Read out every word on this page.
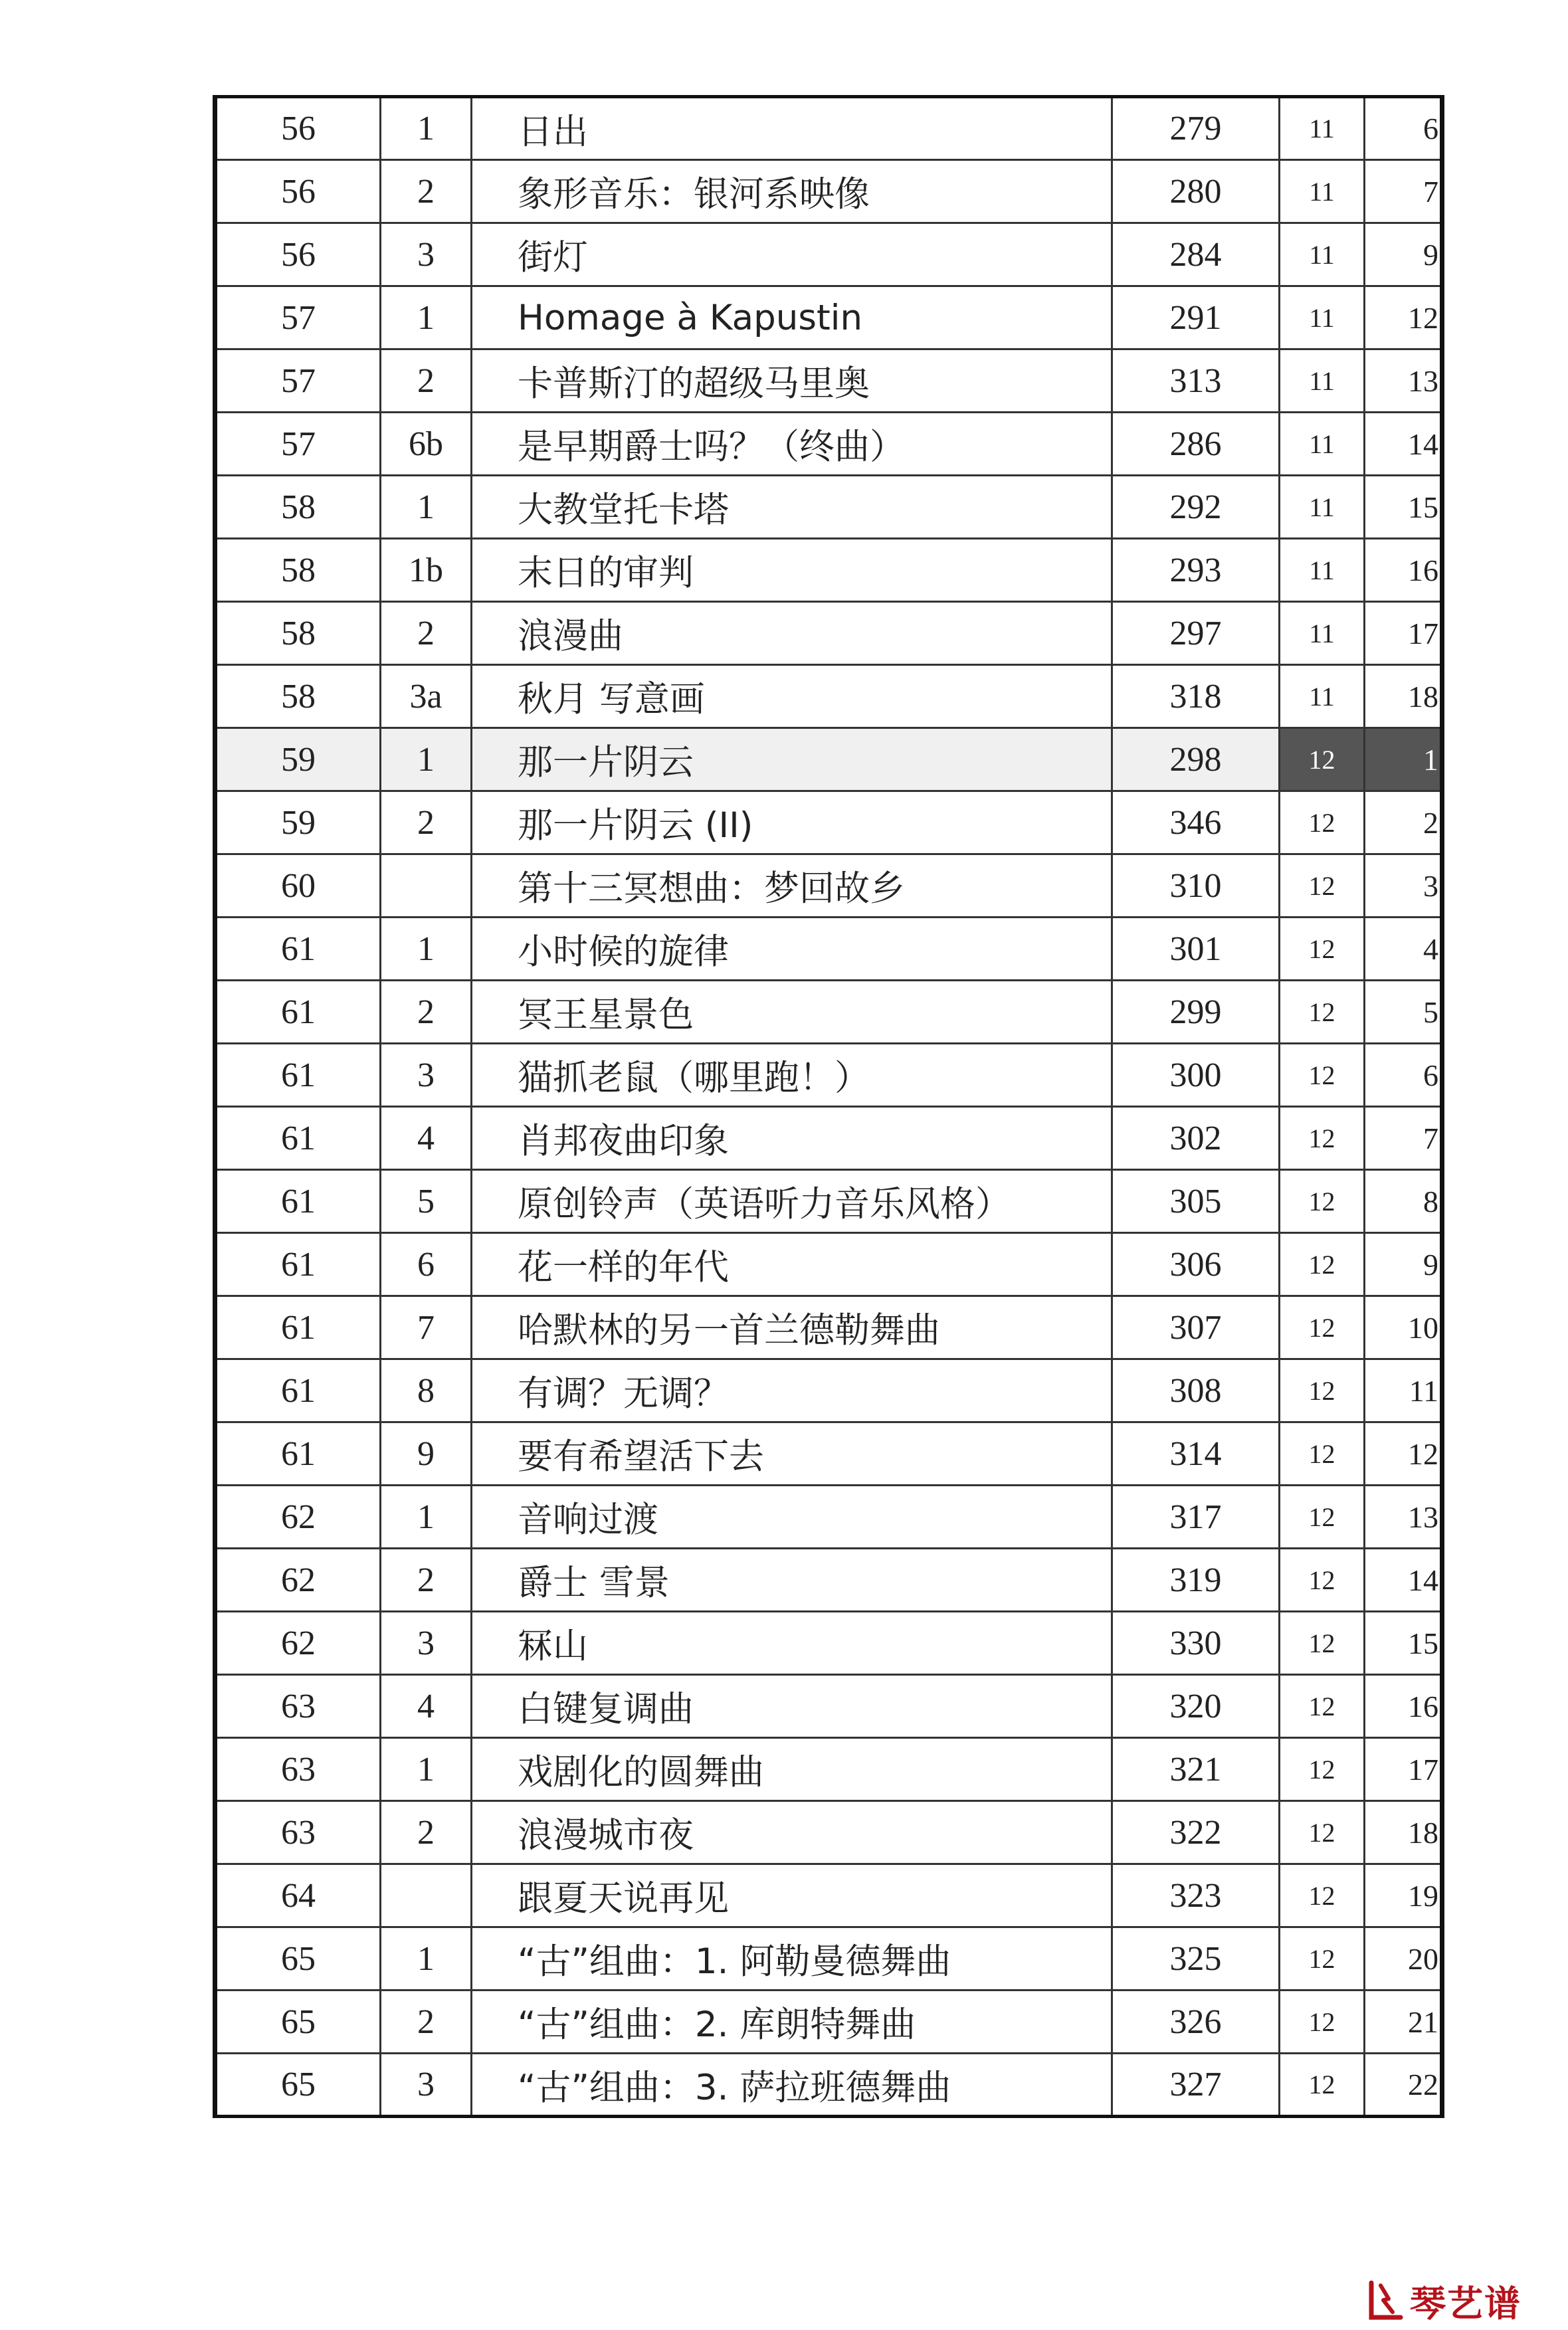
56	1	日出	279	11	6
56	2	象形音乐：银河系映像	280	11	7
56	3	街灯	284	11	9
57	1	Homage à Kapustin	291	11	12
57	2	卡普斯汀的超级马里奥	313	11	13
57	6b	是早期爵士吗？（终曲）	286	11	14
58	1	大教堂托卡塔	292	11	15
58	1b	末日的审判	293	11	16
58	2	浪漫曲	297	11	17
58	3a	秋月 写意画	318	11	18
59	1	那一片阴云	298	12	1
59	2	那一片阴云 (II)	346	12	2
60		第十三冥想曲：梦回故乡	310	12	3
61	1	小时候的旋律	301	12	4
61	2	冥王星景色	299	12	5
61	3	猫抓老鼠（哪里跑！）	300	12	6
61	4	肖邦夜曲印象	302	12	7
61	5	原创铃声（英语听力音乐风格）	305	12	8
61	6	花一样的年代	306	12	9
61	7	哈默林的另一首兰德勒舞曲	307	12	10
61	8	有调？无调？	308	12	11
61	9	要有希望活下去	314	12	12
62	1	音响过渡	317	12	13
62	2	爵士 雪景	319	12	14
62	3	冧山	330	12	15
63	4	白键复调曲	320	12	16
63	1	戏剧化的圆舞曲	321	12	17
63	2	浪漫城市夜	322	12	18
64		跟夏天说再见	323	12	19
65	1	“古”组曲：1. 阿勒曼德舞曲	325	12	20
65	2	“古”组曲：2. 库朗特舞曲	326	12	21
65	3	“古”组曲：3. 萨拉班德舞曲	327	12	22
琴艺谱
